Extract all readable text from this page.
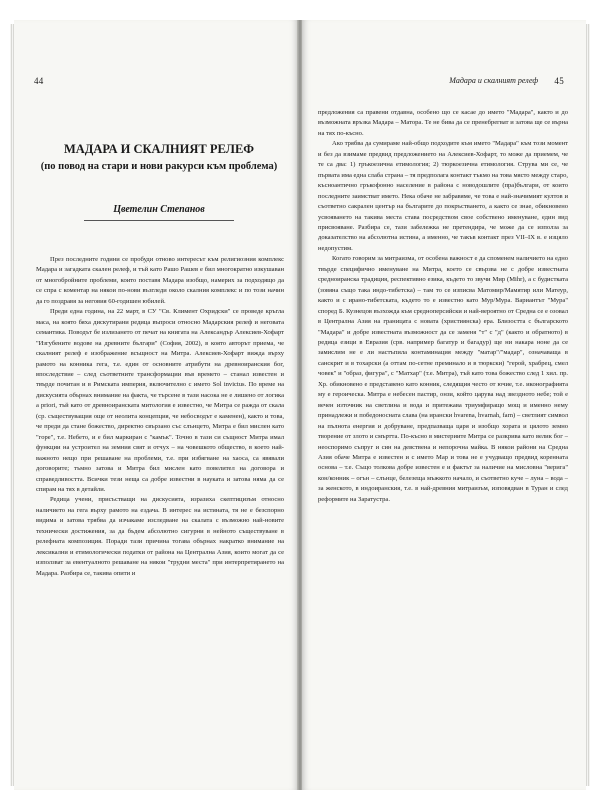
44
МАДАРА И СКАЛНИЯТ РЕЛЕФ
(по повод на стари и нови ракурси към проблема)
Цветелин Степанов

През последните години се пробуди отново интересът към религиозния комплекс Мадара и загадката скален релеф, и тъй като Рашо Рашев е бил многократно изкушаван от многобройните проблеми, които поставя Мадара изобщо, намерих за подходящо да се спра с коментар на някои по-нови възгледи около скалния комплекс и по този начин да го поздравя за неговия 60-годишен юбилей.

Преди една година, на 22 март, в СУ "Св. Климент Охридски" се проведе кръгла маса, на която бяха дискутирани редица въпроси относно Мадарския релеф и неговата семантика. Поводът бе излизането от печат на книгата на Александър Алексиев-Хофарт "Изгубените водове на древните българи" (София, 2002), в която авторът приема, че скалният релеф е изображение всъщност на Митра. Алексиев-Хофарт вижда върху рамото на конника гега, т.е. един от основните атрибути на древноиранския бог, впоследствие – след съответните трансформации във времето – станал известен и твърде почитан и в Римската империя, включително с името Sol invictus. По време на дискусията обърнах внимание на факта, че търсене в тази насока не е лишено от логика a priori, тъй като от древноиранската митология е известно, че Митра се ражда от скала (ср. съществуващия още от неолита концепция, че небосводът е каменен), както и това, че преди да стане божество, директно свързано със слънцето, Митра е бил мислен като "горе", т.е. Небето, и е бил маркиран с "камък". Точно в тази си същност Митра имал функции на устроител на земния свят и отчух – на човешкото общество, в което най-важното нещо при решаване на проблеми, т.е. при избягване на хаоса, са явявали договорите; тъмно затова и Митра бил мислен като повелител на договора и справедливостта. Всички тези неща са добре известни в науката и затова няма да се спирам на тях в детайли.

Редица учени, присъстващи на дискусията, изразиха скептицизъм относно наличието на гега върху рамото на ездача. В интерес на истината, тя не е безспорно видима и затова трябва да изчакаме изследване на скалата с възможно най-новите технически достижения, за да бъдем абсолютно сигурни в нейното съществуване в релефната композиция. Поради тази причина тогава обърнах накратко внимание на лексикални и етимологически податки от района на Централна Азия, които могат да се използват за евентуалното решаване на някои "трудни места" при интерпретирането на Мадара. Разбира се, такива опити и

Мадара и скалният релеф 45

предложения са правени отдавна, особено що се касае до името "Мадара", както и до възможната връзка Мадара – Матора. Те не бива да се пренебрегват и затова ще се върна на тях по-късно.

Ако трябва да сумираме най-общо подходите към името "Мадара" към този момент и без да взимаме предвид предложението на Алексиев-Хофарт, то може да приемем, че те са два: 1) гръкоезична етимология; 2) тюркоезична етимология. Струва ми се, че първата има една слаба страна – тя предполага контакт тъкмо на това място между старо, късноантично гръкофонно население в района с новодошлите (пра)българи, от които последните заимстват името. Нека обаче не забравяме, че това е най-значимият култов и съответно сакрален център на българите до покръстването, а както се знае, обикновено усвояването на такива места става посредством свое собствено именуване, един вид присвояване. Разбира се, тази забележка не претендира, че може да се използа за доказателство на абсолютна истина, а именно, че такъв контакт през VII–IX в. е изцяло недопустим.

Когато говорим за митраизма, от особена важност е да споменем наличието на едно твърде специфично именуване на Митра, което се свързва не с добре известната средноиранска традиция, респективно езика, където то звучи Мир (Mihr), а с будистката (зовяна също така индо-тибетска) – там то се изписва Матомир/Мамятир или Матеур, както и с ирано-тибетската, където то е известно като Мур/Мура. Вариантът "Мура" според Б. Кузнецов възхожда към средноперсийски и най-вероятно от Средна се е озовал в Централна Азия на границата с новата (християнска) ера. Близостта с българското "Мадара" и добре известната възможност да се заменя "т" с "д" (както и обратното) в редица езици в Евразия (срв. например багатур и багадур) ще ни накара ноне да се замислим не е ли настъпила контаминация между "матар"/"мадар", означаваща в санскрит и в тохарски (а оттам по-сетне преминало и в тюркски) "герой, храбрец, смел човек" и "образ, фигура", с "Матхар" (т.е. Митра), тъй като това божество след 1 хил. пр. Хр. обикновено е представено като конник, следящия често от ючие, т.е. иконографията му е героическа. Митра е небесен пастир, онзи, който царува над звездното небе; той е вечен източник на светлина и вода и притежава триумфиращо мощ и именно нему принадлежи и победоносната слава (на ирански hvarena, hvarnah, farn) – светлият символ на пълнота енергия и добруване, предпазваща царя и изобщо хората и цялото земно творение от злото и смъртта. По-късно в мистериите Митра се разкрива като велик бог – неоспоримо съпруг и син на девствена и непорочна майка. В някои райони на Средна Азия обаче Митра е известен и с името Мар и това не е учудващо предвид коренната основа – т.е. Също толкова добре известен е и фактът за наличие на мисловна "верига" кон/конник – огън – слънце, белезеща мъжкото начало, и съответно куче – луна – вода – за женското, в индоиранския, т.е. в най-древния митраизъм, изповядван в Туран и след реформите на Заратустра.
